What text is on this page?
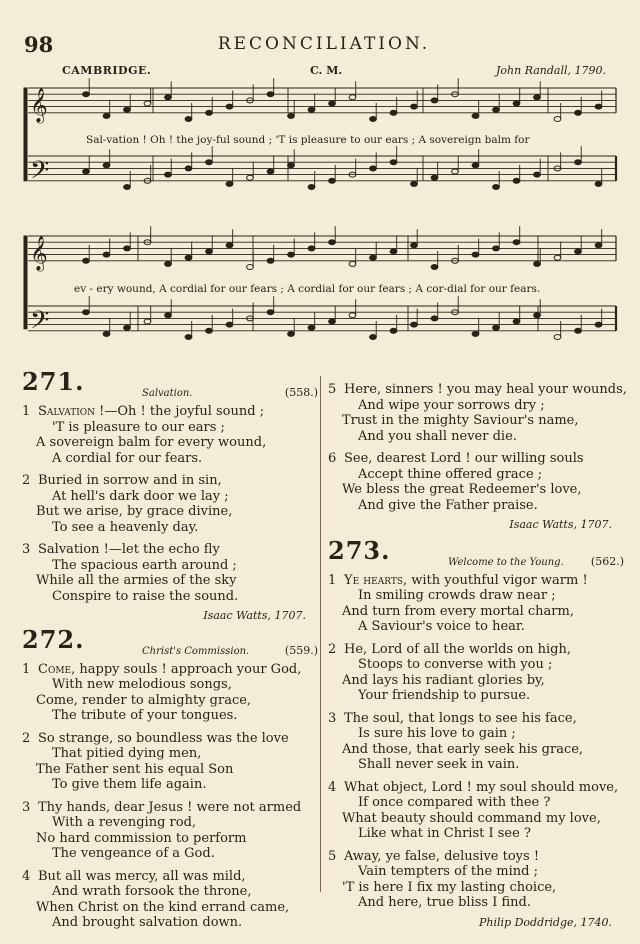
98	RECONCILIATION.
CAMBRIDGE.	C. M.	John Randall, 1790.
𝄞
𝄢
𝄞
𝄢
Sal-vation ! Oh ! the joy-ful sound ; 'T is pleasure to our ears ; A sovereign balm for
ev - ery wound, A cordial for our fears ; A cordial for our fears ; A cor-dial for our fears.
271.	Salvation.	(558.)
1 Salvation !—Oh ! the joyful sound ;
'T is pleasure to our ears ;
A sovereign balm for every wound,
A cordial for our fears.
2 Buried in sorrow and in sin,
At hell's dark door we lay ;
But we arise, by grace divine,
To see a heavenly day.
3 Salvation !—let the echo fly
The spacious earth around ;
While all the armies of the sky
Conspire to raise the sound.
Isaac Watts, 1707.
272.	Christ's Commission.	(559.)
1 Come, happy souls ! approach your God,
With new melodious songs,
Come, render to almighty grace,
The tribute of your tongues.
2 So strange, so boundless was the love
That pitied dying men,
The Father sent his equal Son
To give them life again.
3 Thy hands, dear Jesus ! were not armed
With a revenging rod,
No hard commission to perform
The vengeance of a God.
4 But all was mercy, all was mild,
And wrath forsook the throne,
When Christ on the kind errand came,
And brought salvation down.
5 Here, sinners ! you may heal your wounds,
And wipe your sorrows dry ;
Trust in the mighty Saviour's name,
And you shall never die.
6 See, dearest Lord ! our willing souls
Accept thine offered grace ;
We bless the great Redeemer's love,
And give the Father praise.
Isaac Watts, 1707.
273.	Welcome to the Young. (562.)
1 Ye hearts, with youthful vigor warm !
In smiling crowds draw near ;
And turn from every mortal charm,
A Saviour's voice to hear.
2 He, Lord of all the worlds on high,
Stoops to converse with you ;
And lays his radiant glories by,
Your friendship to pursue.
3 The soul, that longs to see his face,
Is sure his love to gain ;
And those, that early seek his grace,
Shall never seek in vain.
4 What object, Lord ! my soul should move,
If once compared with thee ?
What beauty should command my love,
Like what in Christ I see ?
5 Away, ye false, delusive toys !
Vain tempters of the mind ;
'T is here I fix my lasting choice,
And here, true bliss I find.
Philip Doddridge, 1740.
